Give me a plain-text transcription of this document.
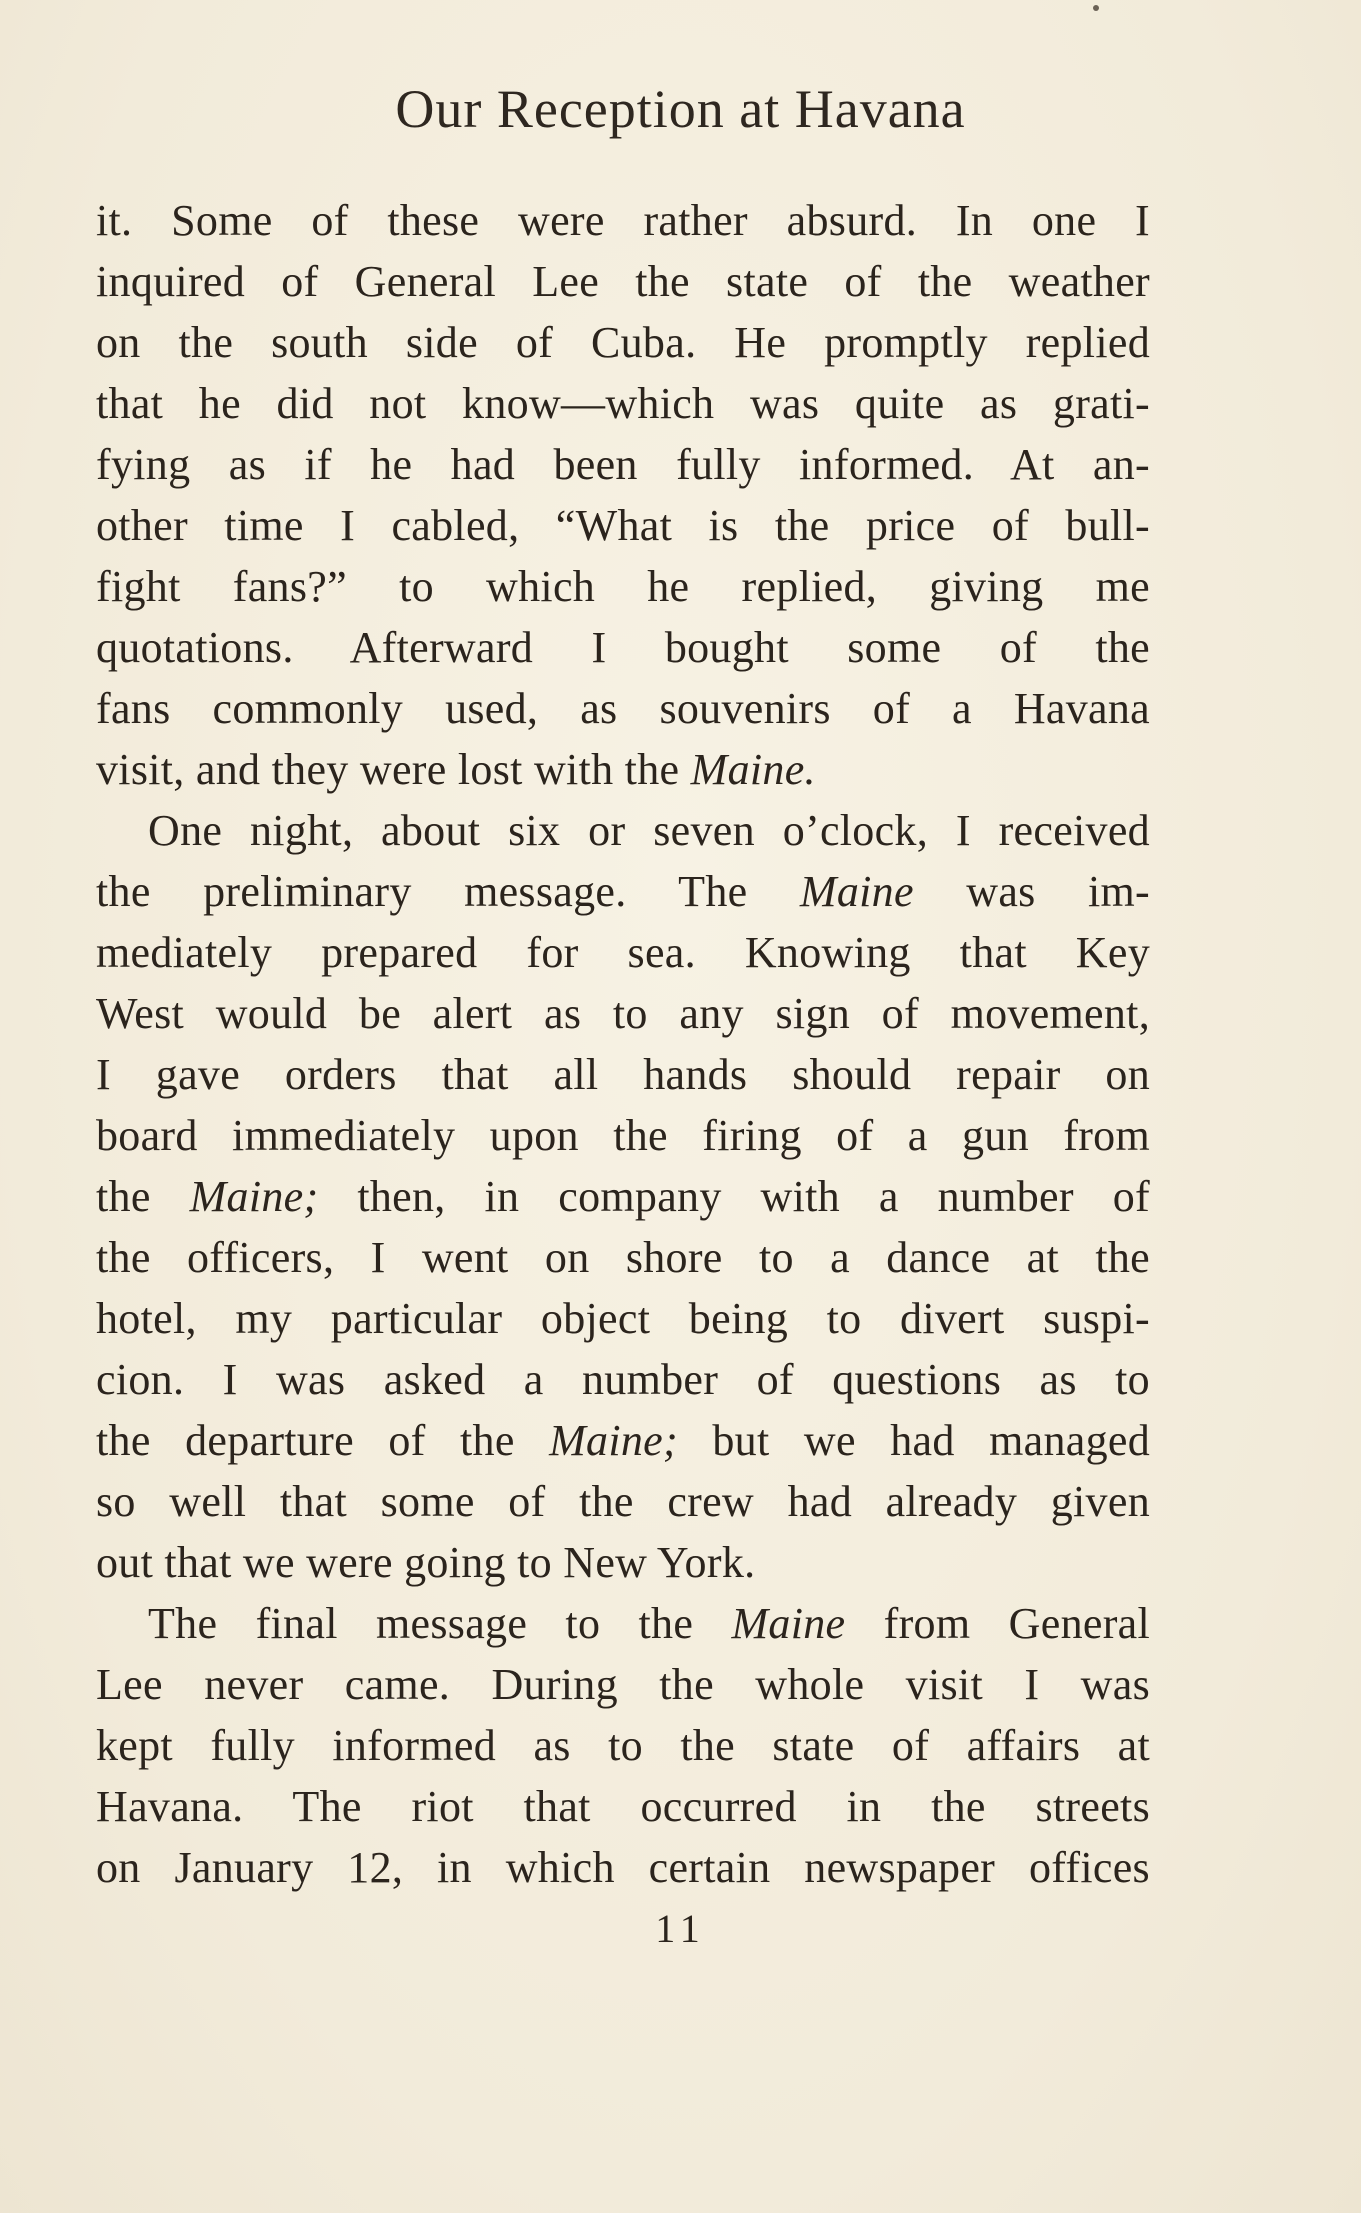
Our Reception at Havana
it. Some of these were rather absurd. In one I
inquired of General Lee the state of the weather
on the south side of Cuba. He promptly replied
that he did not know—which was quite as grati-
fying as if he had been fully informed. At an-
other time I cabled, “What is the price of bull-
fight fans?” to which he replied, giving me
quotations. Afterward I bought some of the
fans commonly used, as souvenirs of a Havana
visit, and they were lost with the Maine.
One night, about six or seven o’clock, I received
the preliminary message. The Maine was im-
mediately prepared for sea. Knowing that Key
West would be alert as to any sign of movement,
I gave orders that all hands should repair on
board immediately upon the firing of a gun from
the Maine; then, in company with a number of
the officers, I went on shore to a dance at the
hotel, my particular object being to divert suspi-
cion. I was asked a number of questions as to
the departure of the Maine; but we had managed
so well that some of the crew had already given
out that we were going to New York.
The final message to the Maine from General
Lee never came. During the whole visit I was
kept fully informed as to the state of affairs at
Havana. The riot that occurred in the streets
on January 12, in which certain newspaper offices
11
